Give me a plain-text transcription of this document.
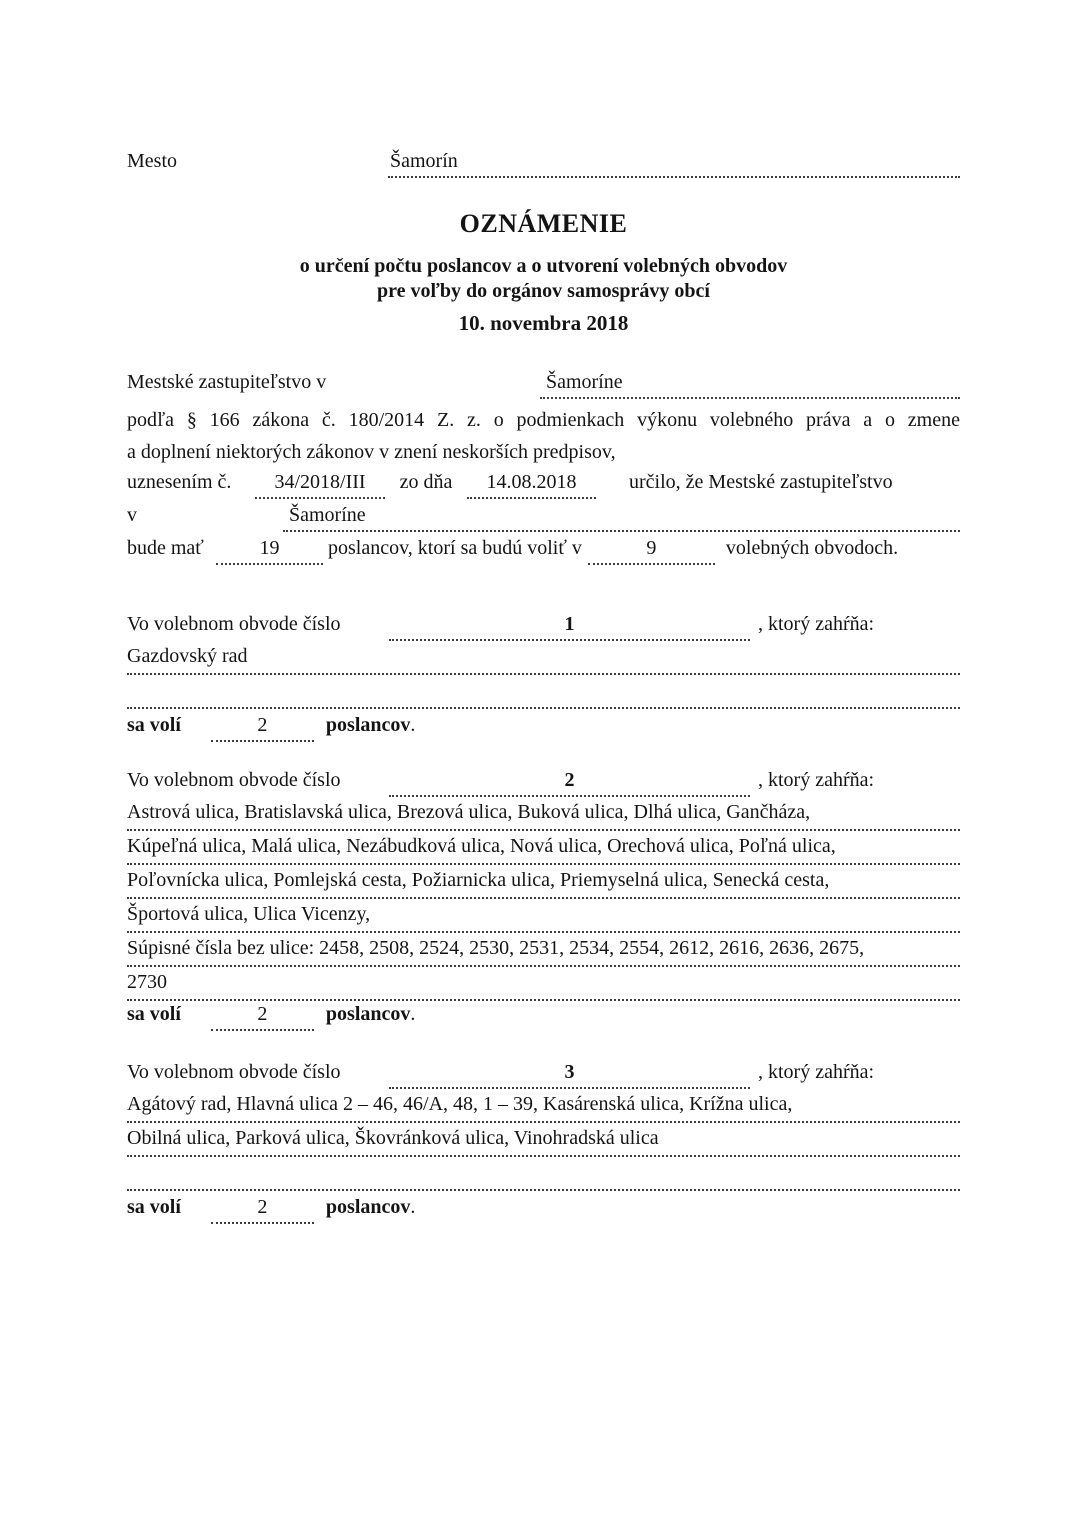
Mesto	Šamorín
OZNÁMENIE
o určení počtu poslancov a o utvorení volebných obvodov
pre voľby do orgánov samosprávy obcí
10. novembra 2018
Mestské zastupiteľstvo v	Šamoríne
podľa § 166 zákona č. 180/2014 Z. z. o podmienkach výkonu volebného práva a o zmene
a doplnení niektorých zákonov v znení neskorších predpisov,
uznesením č.	34/2018/III	zo dňa	14.08.2018	určilo, že Mestské zastupiteľstvo
v	Šamoríne
bude mať	19	poslancov, ktorí sa budú voliť v	9	volebných obvodoch.
Vo volebnom obvode číslo	1	, ktorý zahŕňa:
Gazdovský rad
sa volí	2	poslancov.
Vo volebnom obvode číslo	2	, ktorý zahŕňa:
Astrová ulica, Bratislavská ulica, Brezová ulica, Buková ulica, Dlhá ulica, Gančháza,
Kúpeľná ulica, Malá ulica, Nezábudková ulica, Nová ulica, Orechová ulica, Poľná ulica,
Poľovnícka ulica, Pomlejská cesta, Požiarnicka ulica, Priemyselná ulica, Senecká cesta,
Športová ulica, Ulica Vicenzy,
Súpisné čísla bez ulice: 2458, 2508, 2524, 2530, 2531, 2534, 2554, 2612, 2616, 2636, 2675,
2730
sa volí	2	poslancov.
Vo volebnom obvode číslo	3	, ktorý zahŕňa:
Agátový rad, Hlavná ulica 2 – 46, 46/A, 48, 1 – 39, Kasárenská ulica, Krížna ulica,
Obilná ulica, Parková ulica, Škovránková ulica, Vinohradská ulica
sa volí	2	poslancov.
